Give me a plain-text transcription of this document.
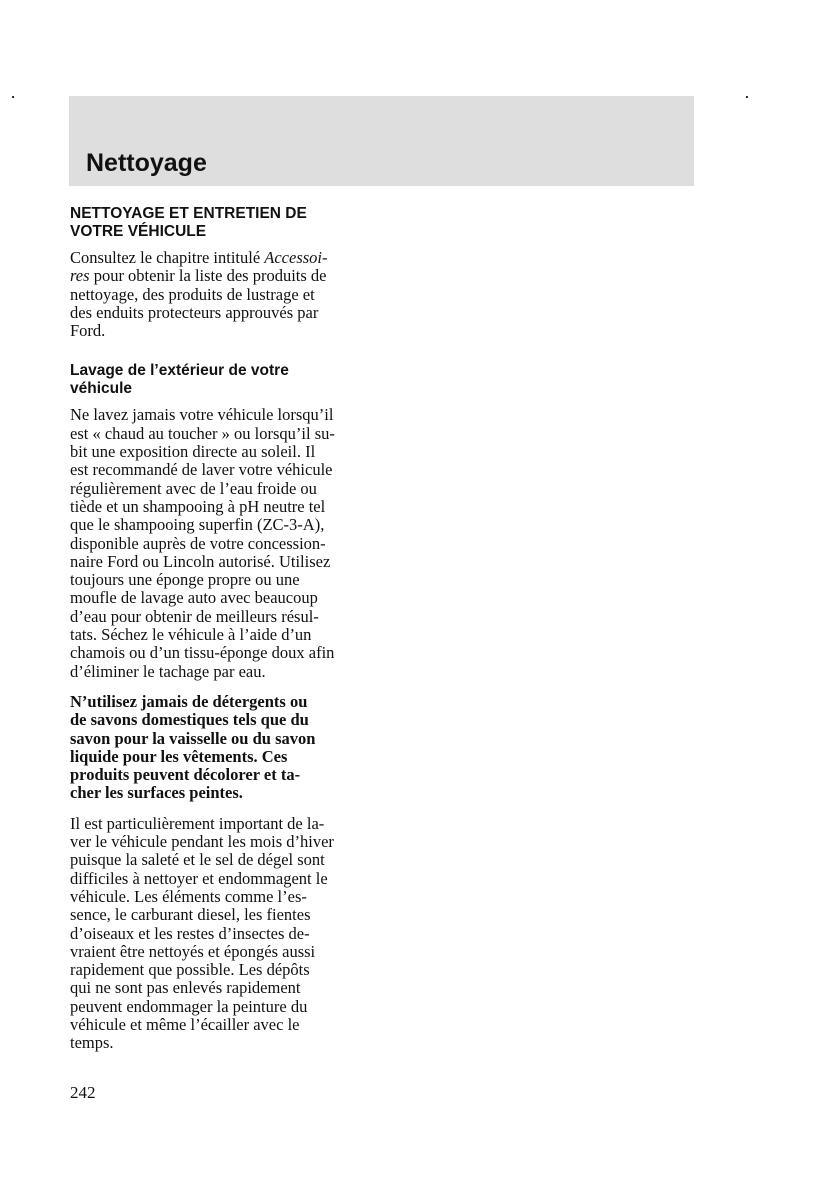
Nettoyage
NETTOYAGE ET ENTRETIEN DE
VOTRE VÉHICULE

Consultez le chapitre intitulé Accessoi-
res pour obtenir la liste des produits de
nettoyage, des produits de lustrage et
des enduits protecteurs approuvés par
Ford.

Lavage de l’extérieur de votre
véhicule

Ne lavez jamais votre véhicule lorsqu’il
est « chaud au toucher » ou lorsqu’il su-
bit une exposition directe au soleil. Il
est recommandé de laver votre véhicule
régulièrement avec de l’eau froide ou
tiède et un shampooing à pH neutre tel
que le shampooing superfin (ZC-3-A),
disponible auprès de votre concession-
naire Ford ou Lincoln autorisé. Utilisez
toujours une éponge propre ou une
moufle de lavage auto avec beaucoup
d’eau pour obtenir de meilleurs résul-
tats. Séchez le véhicule à l’aide d’un
chamois ou d’un tissu-éponge doux afin
d’éliminer le tachage par eau.

N’utilisez jamais de détergents ou
de savons domestiques tels que du
savon pour la vaisselle ou du savon
liquide pour les vêtements. Ces
produits peuvent décolorer et ta-
cher les surfaces peintes.

Il est particulièrement important de la-
ver le véhicule pendant les mois d’hiver
puisque la saleté et le sel de dégel sont
difficiles à nettoyer et endommagent le
véhicule. Les éléments comme l’es-
sence, le carburant diesel, les fientes
d’oiseaux et les restes d’insectes de-
vraient être nettoyés et épongés aussi
rapidement que possible. Les dépôts
qui ne sont pas enlevés rapidement
peuvent endommager la peinture du
véhicule et même l’écailler avec le
temps.

242
